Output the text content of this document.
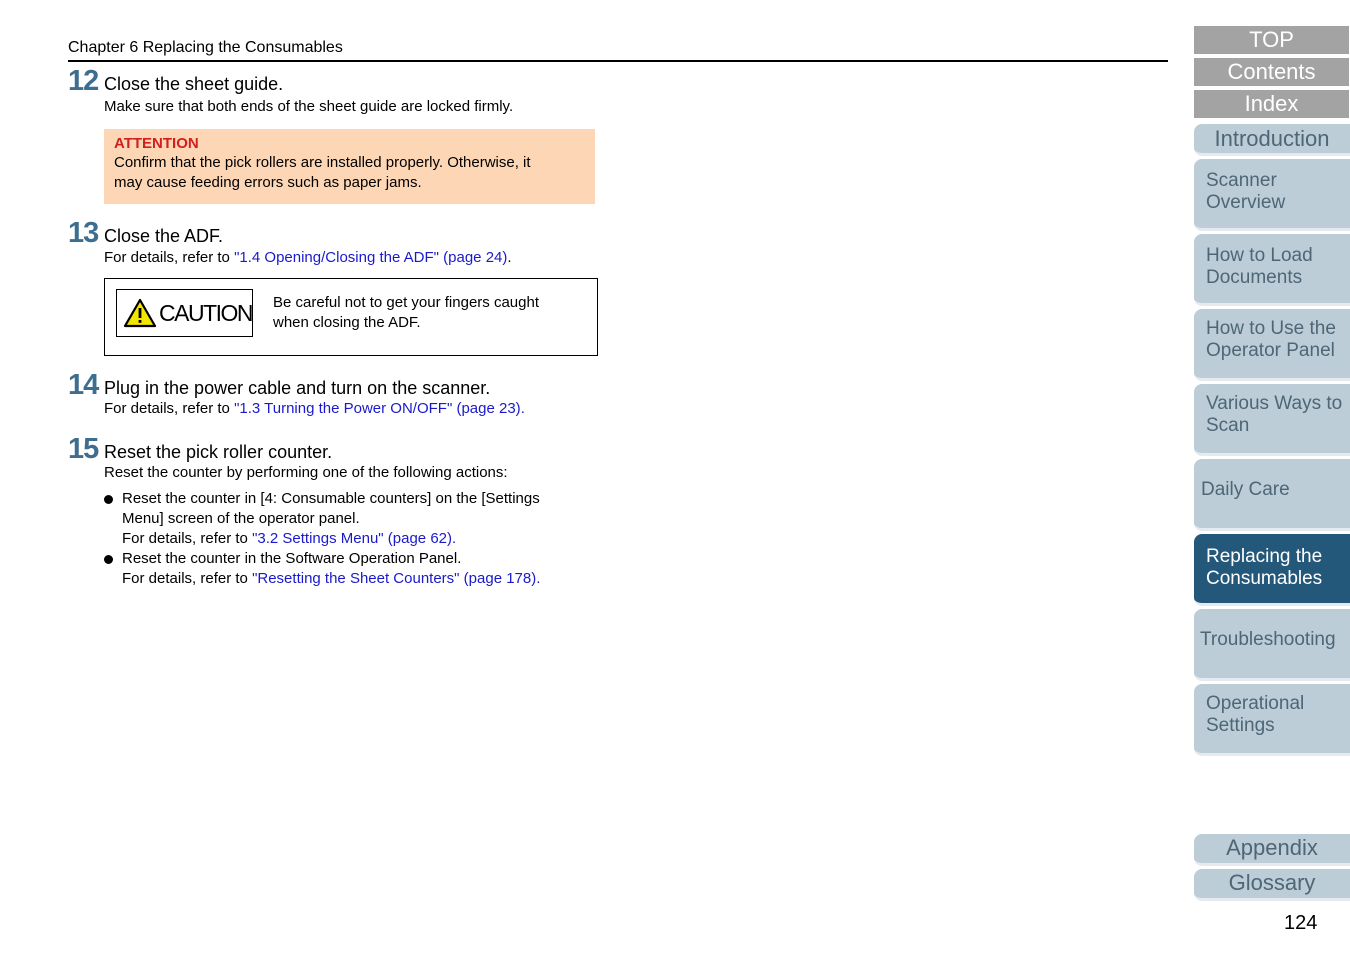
Chapter 6 Replacing the Consumables
12 Close the sheet guide.
Make sure that both ends of the sheet guide are locked firmly.
ATTENTION
Confirm that the pick rollers are installed properly. Otherwise, it
may cause feeding errors such as paper jams.
13 Close the ADF.
For details, refer to "1.4 Opening/Closing the ADF" (page 24).
CAUTION Be careful not to get your fingers caught
when closing the ADF.
14 Plug in the power cable and turn on the scanner.
For details, refer to "1.3 Turning the Power ON/OFF" (page 23).
15 Reset the pick roller counter.
Reset the counter by performing one of the following actions:
Reset the counter in [4: Consumable counters] on the [Settings
Menu] screen of the operator panel.
For details, refer to "3.2 Settings Menu" (page 62).
Reset the counter in the Software Operation Panel.
For details, refer to "Resetting the Sheet Counters" (page 178).
TOP
Contents
Index
Introduction
Scanner
Overview
How to Load
Documents
How to Use the
Operator Panel
Various Ways to
Scan
Daily Care
Replacing the
Consumables
Troubleshooting
Operational
Settings
Appendix
Glossary
124
